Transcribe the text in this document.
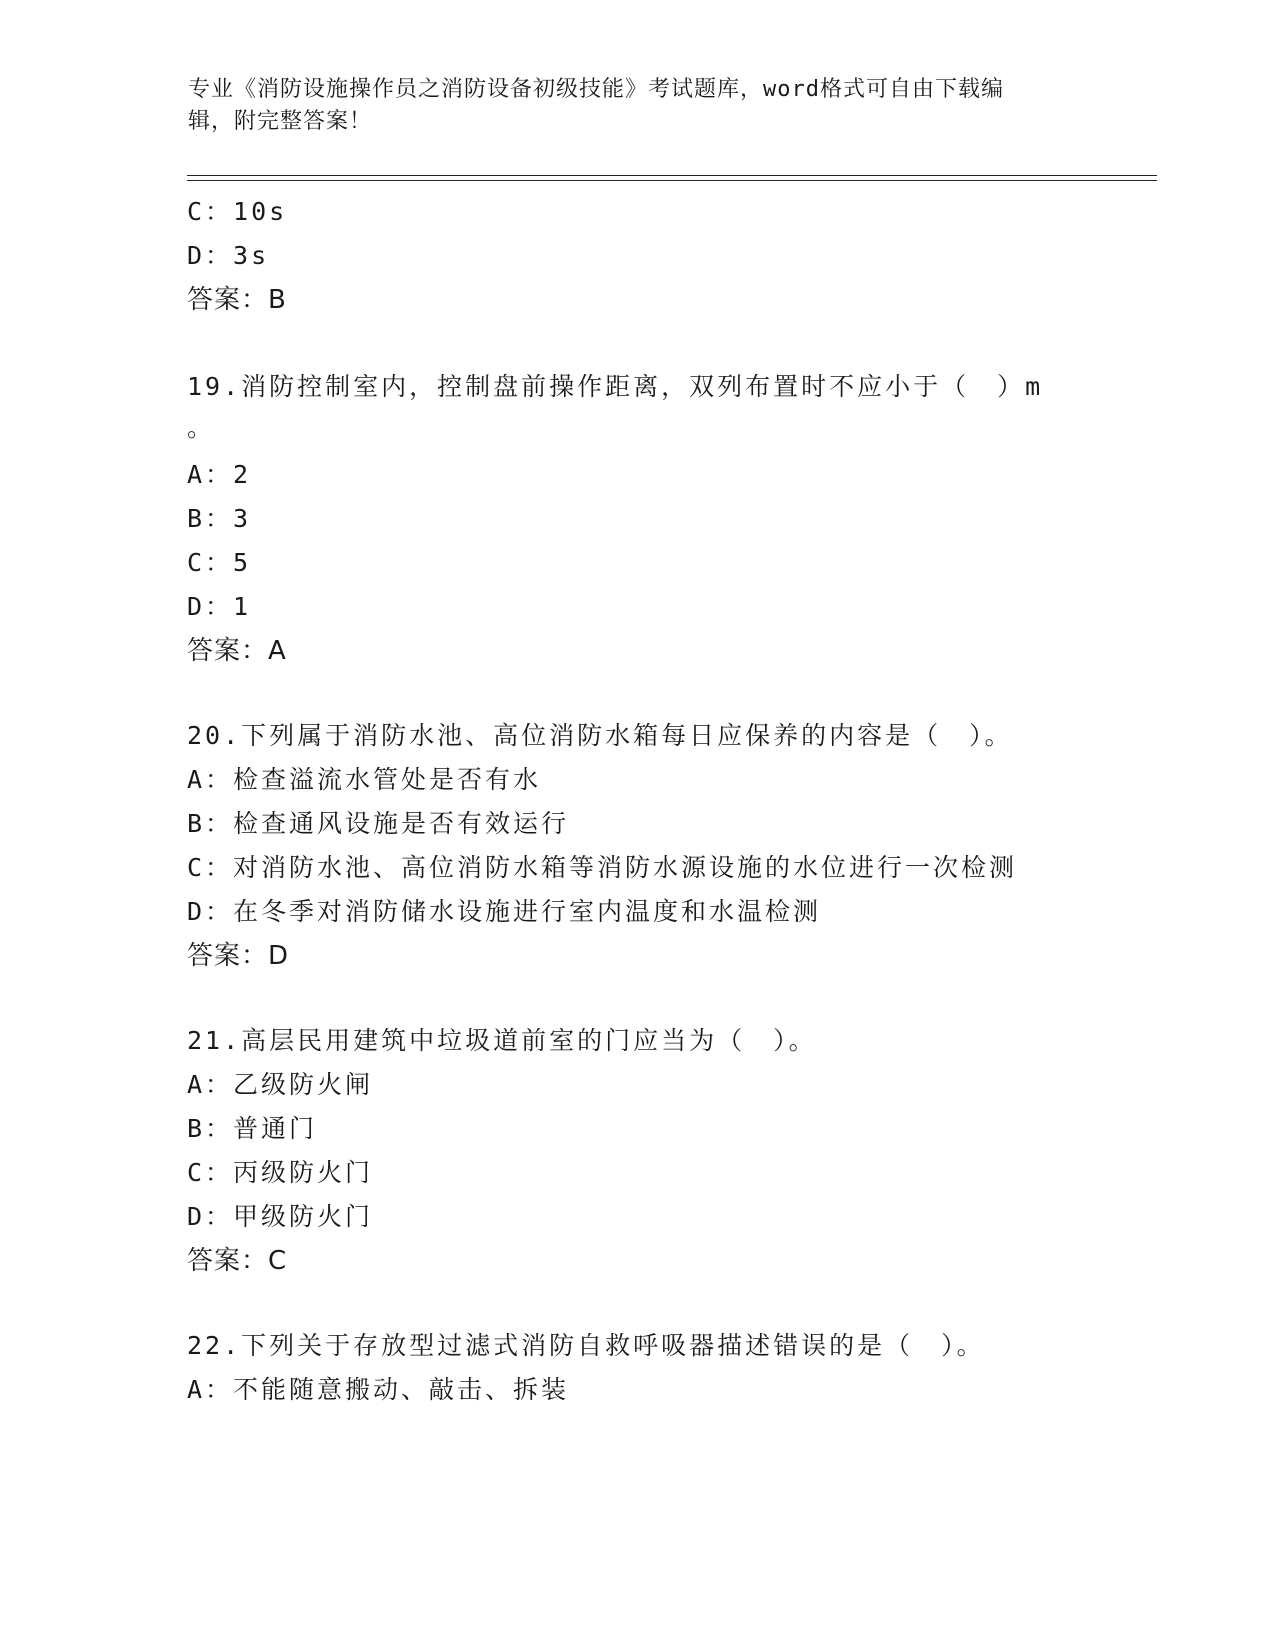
专业《消防设施操作员之消防设备初级技能》考试题库，word格式可自由下载编
辑，附完整答案！
C：10s
D：3s
答案：B
19.消防控制室内，控制盘前操作距离，双列布置时不应小于（　）m
。
A：2
B：3
C：5
D：1
答案：A
20.下列属于消防水池、高位消防水箱每日应保养的内容是（　）。
A：检查溢流水管处是否有水
B：检查通风设施是否有效运行
C：对消防水池、高位消防水箱等消防水源设施的水位进行一次检测
D：在冬季对消防储水设施进行室内温度和水温检测
答案：D
21.高层民用建筑中垃圾道前室的门应当为（　）。
A：乙级防火闸
B：普通门
C：丙级防火门
D：甲级防火门
答案：C
22.下列关于存放型过滤式消防自救呼吸器描述错误的是（　）。
A：不能随意搬动、敲击、拆装
